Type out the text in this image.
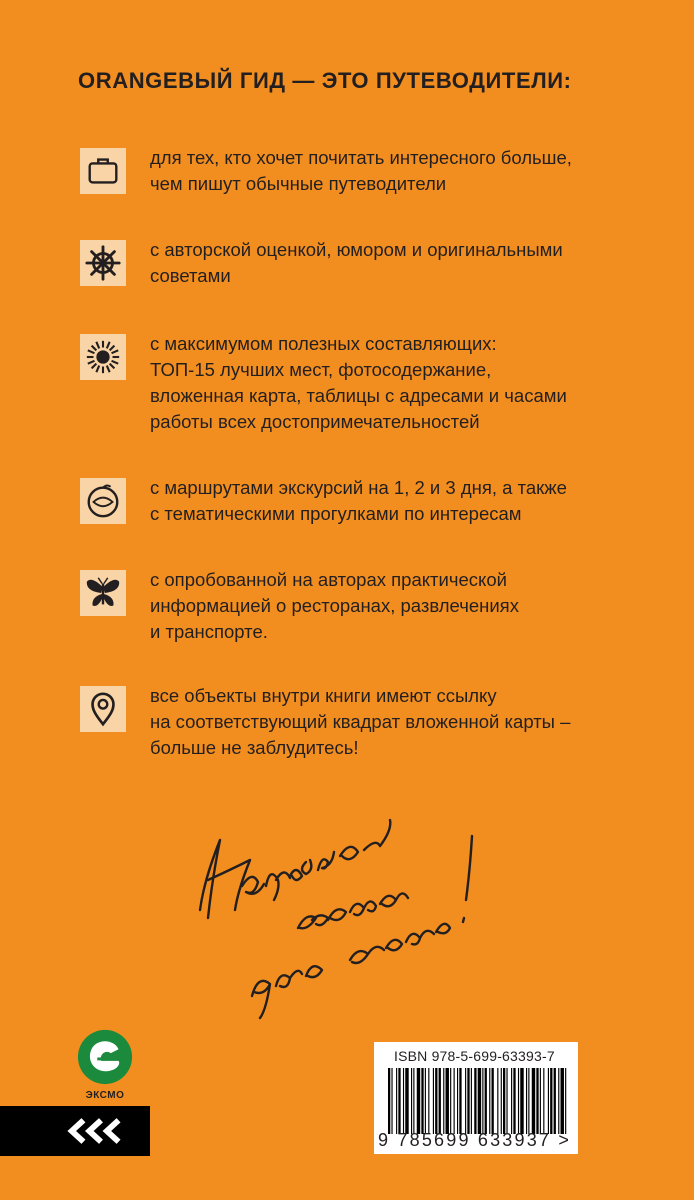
ORANGEВЫЙ ГИД — ЭТО ПУТЕВОДИТЕЛИ:
для тех, кто хочет почитать интересного больше,
чем пишут обычные путеводители
с авторской оценкой, юмором и оригинальными
советами
с максимумом полезных составляющих:
ТОП-15 лучших мест, фотосодержание,
вложенная карта, таблицы с адресами и часами
работы всех достопримечательностей
с маршрутами экскурсий на 1, 2 и 3 дня, а также
с тематическими прогулками по интересам
с опробованной на авторах практической
информацией о ресторанах, развлечениях
и транспорте.
все объекты внутри книги имеют ссылку
на соответствующий квадрат вложенной карты –
больше не заблудитесь!
ЭКСМО
ISBN 978-5-699-63393-7
9 785699 633937 >
